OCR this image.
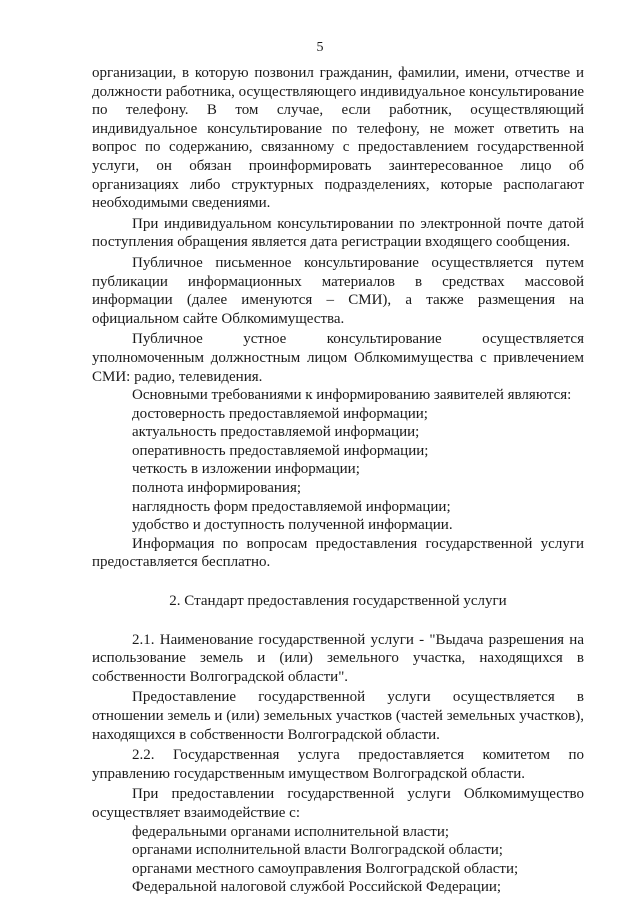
5

организации, в которую позвонил гражданин, фамилии, имени, отчестве и должности работника, осуществляющего индивидуальное консультирование по телефону. В том случае, если работник, осуществляющий индивидуальное консультирование по телефону, не может ответить на вопрос по содержанию, связанному с предоставлением государственной услуги, он обязан проинформировать заинтересованное лицо об организациях либо структурных подразделениях, которые располагают необходимыми сведениями.

При индивидуальном консультировании по электронной почте датой поступления обращения является дата регистрации входящего сообщения.

Публичное письменное консультирование осуществляется путем публикации информационных материалов в средствах массовой информации (далее именуются – СМИ), а также размещения на официальном сайте Облкомимущества.

Публичное устное консультирование осуществляется уполномоченным должностным лицом Облкомимущества с привлечением СМИ: радио, телевидения.

Основными требованиями к информированию заявителей являются:

достоверность предоставляемой информации;

актуальность предоставляемой информации;

оперативность предоставляемой информации;

четкость в изложении информации;

полнота информирования;

наглядность форм предоставляемой информации;

удобство и доступность полученной информации.

Информация по вопросам предоставления государственной услуги предоставляется бесплатно.

2. Стандарт предоставления государственной услуги

2.1. Наименование государственной услуги - "Выдача разрешения на использование земель и (или) земельного участка, находящихся в собственности Волгоградской области".

Предоставление государственной услуги осуществляется в отношении земель и (или) земельных участков (частей земельных участков), находящихся в собственности Волгоградской области.

2.2. Государственная услуга предоставляется комитетом по управлению государственным имуществом Волгоградской области.

При предоставлении государственной услуги Облкомимущество осуществляет взаимодействие с:

федеральными органами исполнительной власти;

органами исполнительной власти Волгоградской области;

органами местного самоуправления Волгоградской области;

Федеральной налоговой службой Российской Федерации;
